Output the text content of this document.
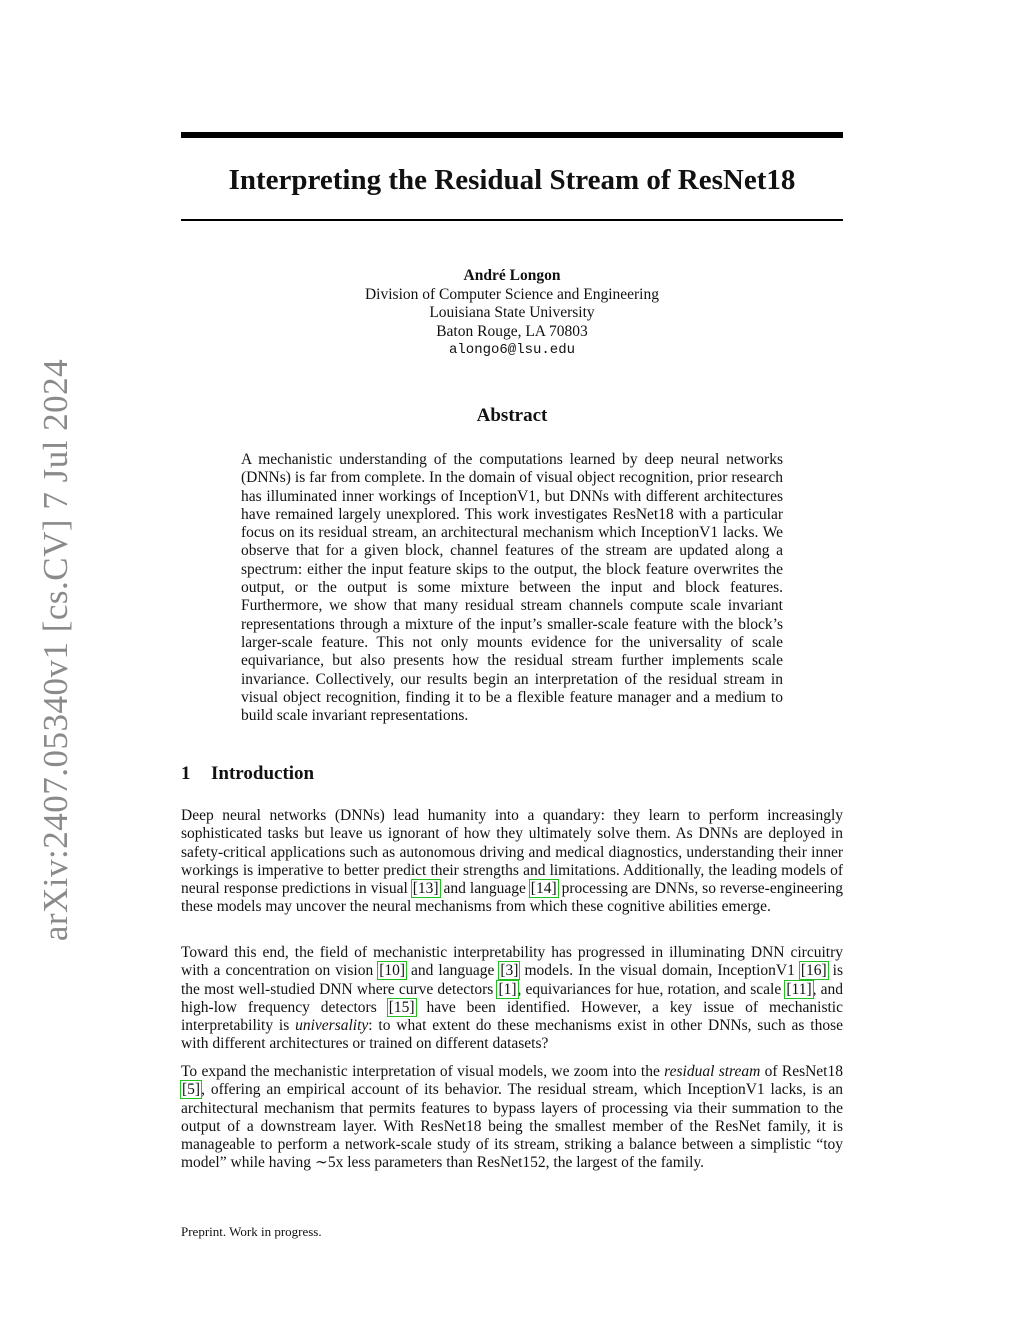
arXiv:2407.05340v1 [cs.CV] 7 Jul 2024
Interpreting the Residual Stream of ResNet18
André Longon
Division of Computer Science and Engineering
Louisiana State University
Baton Rouge, LA 70803
alongo6@lsu.edu
Abstract

A mechanistic understanding of the computations learned by deep neural networks (DNNs) is far from complete. In the domain of visual object recognition, prior research has illuminated inner workings of InceptionV1, but DNNs with different architectures have remained largely unexplored. This work investigates ResNet18 with a particular focus on its residual stream, an architectural mechanism which InceptionV1 lacks. We observe that for a given block, channel features of the stream are updated along a spectrum: either the input feature skips to the output, the block feature overwrites the output, or the output is some mixture between the input and block features. Furthermore, we show that many residual stream channels compute scale invariant representations through a mixture of the input’s smaller-scale feature with the block’s larger-scale feature. This not only mounts evidence for the universality of scale equivariance, but also presents how the residual stream further implements scale invariance. Collectively, our results begin an interpretation of the residual stream in visual object recognition, finding it to be a flexible feature manager and a medium to build scale invariant representations.

1 Introduction

Deep neural networks (DNNs) lead humanity into a quandary: they learn to perform increasingly sophisticated tasks but leave us ignorant of how they ultimately solve them. As DNNs are deployed in safety-critical applications such as autonomous driving and medical diagnostics, understanding their inner workings is imperative to better predict their strengths and limitations. Additionally, the leading models of neural response predictions in visual [13] and language [14] processing are DNNs, so reverse-engineering these models may uncover the neural mechanisms from which these cognitive abilities emerge.

Toward this end, the field of mechanistic interpretability has progressed in illuminating DNN circuitry with a concentration on vision [10] and language [3] models. In the visual domain, InceptionV1 [16] is the most well-studied DNN where curve detectors [1], equivariances for hue, rotation, and scale [11], and high-low frequency detectors [15] have been identified. However, a key issue of mechanistic interpretability is universality: to what extent do these mechanisms exist in other DNNs, such as those with different architectures or trained on different datasets?

To expand the mechanistic interpretation of visual models, we zoom into the residual stream of ResNet18 [5], offering an empirical account of its behavior. The residual stream, which InceptionV1 lacks, is an architectural mechanism that permits features to bypass layers of processing via their summation to the output of a downstream layer. With ResNet18 being the smallest member of the ResNet family, it is manageable to perform a network-scale study of its stream, striking a balance between a simplistic “toy model” while having ∼5x less parameters than ResNet152, the largest of the family.

Preprint. Work in progress.
